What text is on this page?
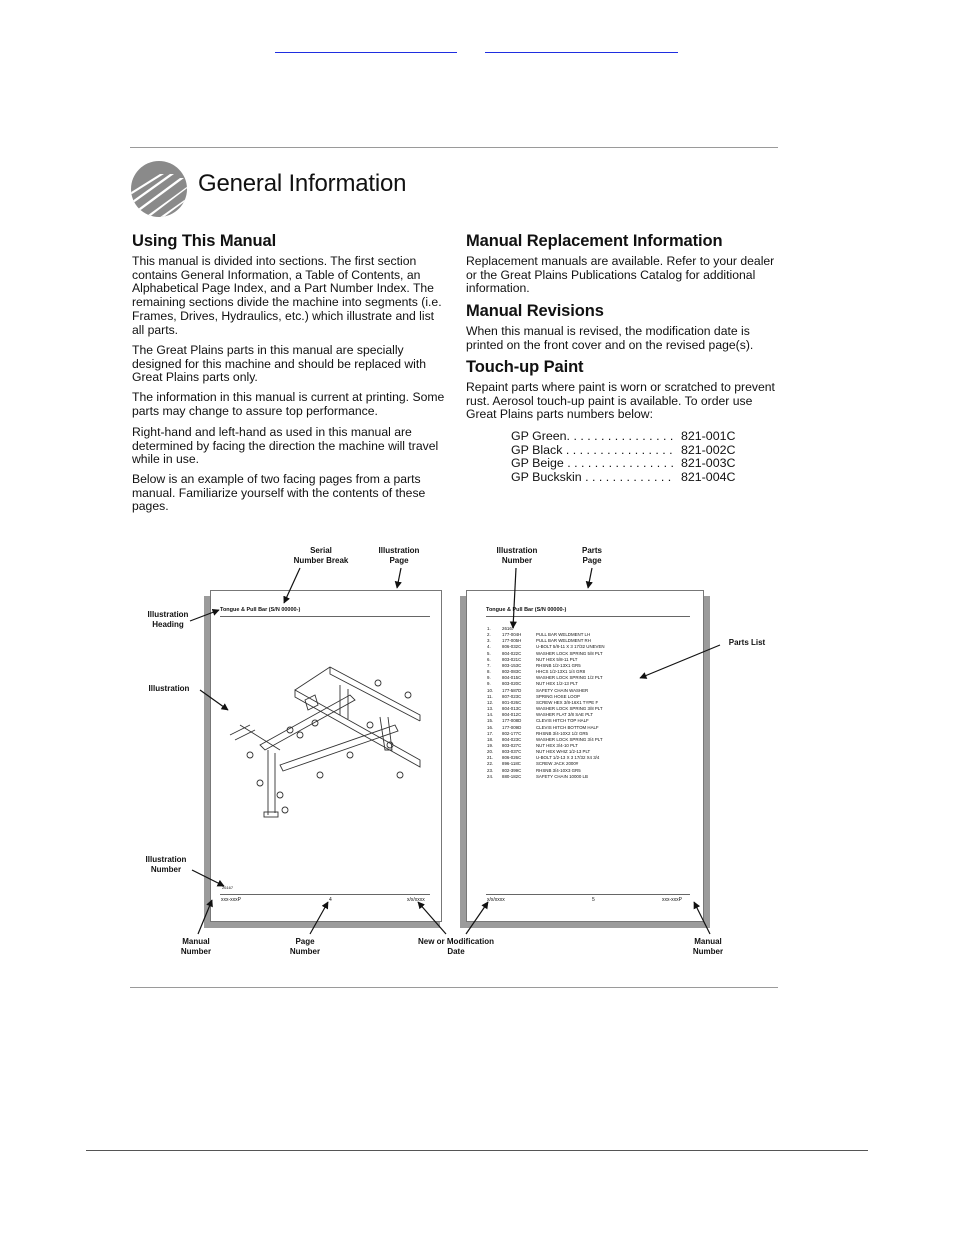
General Information
Using This Manual

This manual is divided into sections. The first section contains General Information, a Table of Contents, an Alphabetical Page Index, and a Part Number Index. The remaining sections divide the machine into segments (i.e. Frames, Drives, Hydraulics, etc.) which illustrate and list all parts.

The Great Plains parts in this manual are specially designed for this machine and should be replaced with Great Plains parts only.

The information in this manual is current at printing. Some parts may change to assure top performance.

Right-hand and left-hand as used in this manual are determined by facing the direction the machine will travel while in use.

Below is an example of two facing pages from a parts manual. Familiarize yourself with the contents of these pages.

Manual Replacement Information

Replacement manuals are available. Refer to your dealer or the Great Plains Publications Catalog for additional information.

Manual Revisions

When this manual is revised, the modification date is printed on the front cover and on the revised page(s).

Touch-up Paint

Repaint parts where paint is worn or scratched to prevent rust. Aerosol touch-up paint is available. To order use Great Plains parts numbers below:

GP Green. . . . . . . . . . . . . . . . 821-001C
GP Black . . . . . . . . . . . . . . . . 821-002C
GP Beige . . . . . . . . . . . . . . . . 821-003C
GP Buckskin . . . . . . . . . . . . . 821-004C
Tongue & Pull Bar (S/N 00000-)	Tongue & Pull Bar (S/N 00000-)
26167
xxx-xxxP	4	x/x/xxxx
1.	26167
2.	177-004H	PULL BAR WELDMENT LH
3.	177-005H	PULL BAR WELDMENT RH
4.	806-032C	U-BOLT 5/8-11 X 3 17/32 UNEVEN
5.	804-022C	WASHER LOCK SPRING 5/8 PLT
6.	803-021C	NUT HEX 5/8-11 PLT
7.	803-153C	RHSNB 1/2-13X1 GR5
8.	802-083C	HHCS 1/2-13X1 1/4 GR8
9.	804-015C	WASHER LOCK SPRING 1/2 PLT
9.	803-020C	NUT HEX 1/2-13 PLT
10.	177-587D	SAFETY CHAIN WASHER
11.	807-023C	SPRING HOSE LOOP
12.	801-026C	SCREW HEX 3/8-16X1 TYPE F
13.	804-013C	WASHER LOCK SPRING 3/8 PLT
14.	804-012C	WASHER FLAT 3/8 SAE PLT
15.	177-008D	CLEVIS HITCH TOP HALF
16.	177-009D	CLEVIS HITCH BOTTOM HALF
17.	802-177C	RHSNB 3/4-10X2 1/2 GR5
18.	804-023C	WASHER LOCK SPRING 3/4 PLT
19.	803-027C	NUT HEX 3/4-10 PLT
20.	803-037C	NUT HEX WHIZ 1/2-13 PLT
21.	806-026C	U-BOLT 1/2-13 X 3 17/32 X4 3/4
22.	896-118C	SCREW JACK 2000#
23.	802-399C	RHSNB 3/4-10X3 GR5
24.	880-182C	SAFETY CHAIN 10000 LB
x/x/xxxx	5	xxx-xxxP
Serial
Number Break
Illustration
Page
Illustration
Number
Parts
Page
Illustration
Heading
Illustration
Parts List
Illustration
Number
Manual
Number
Page
Number
New or Modification
Date
Manual
Number
